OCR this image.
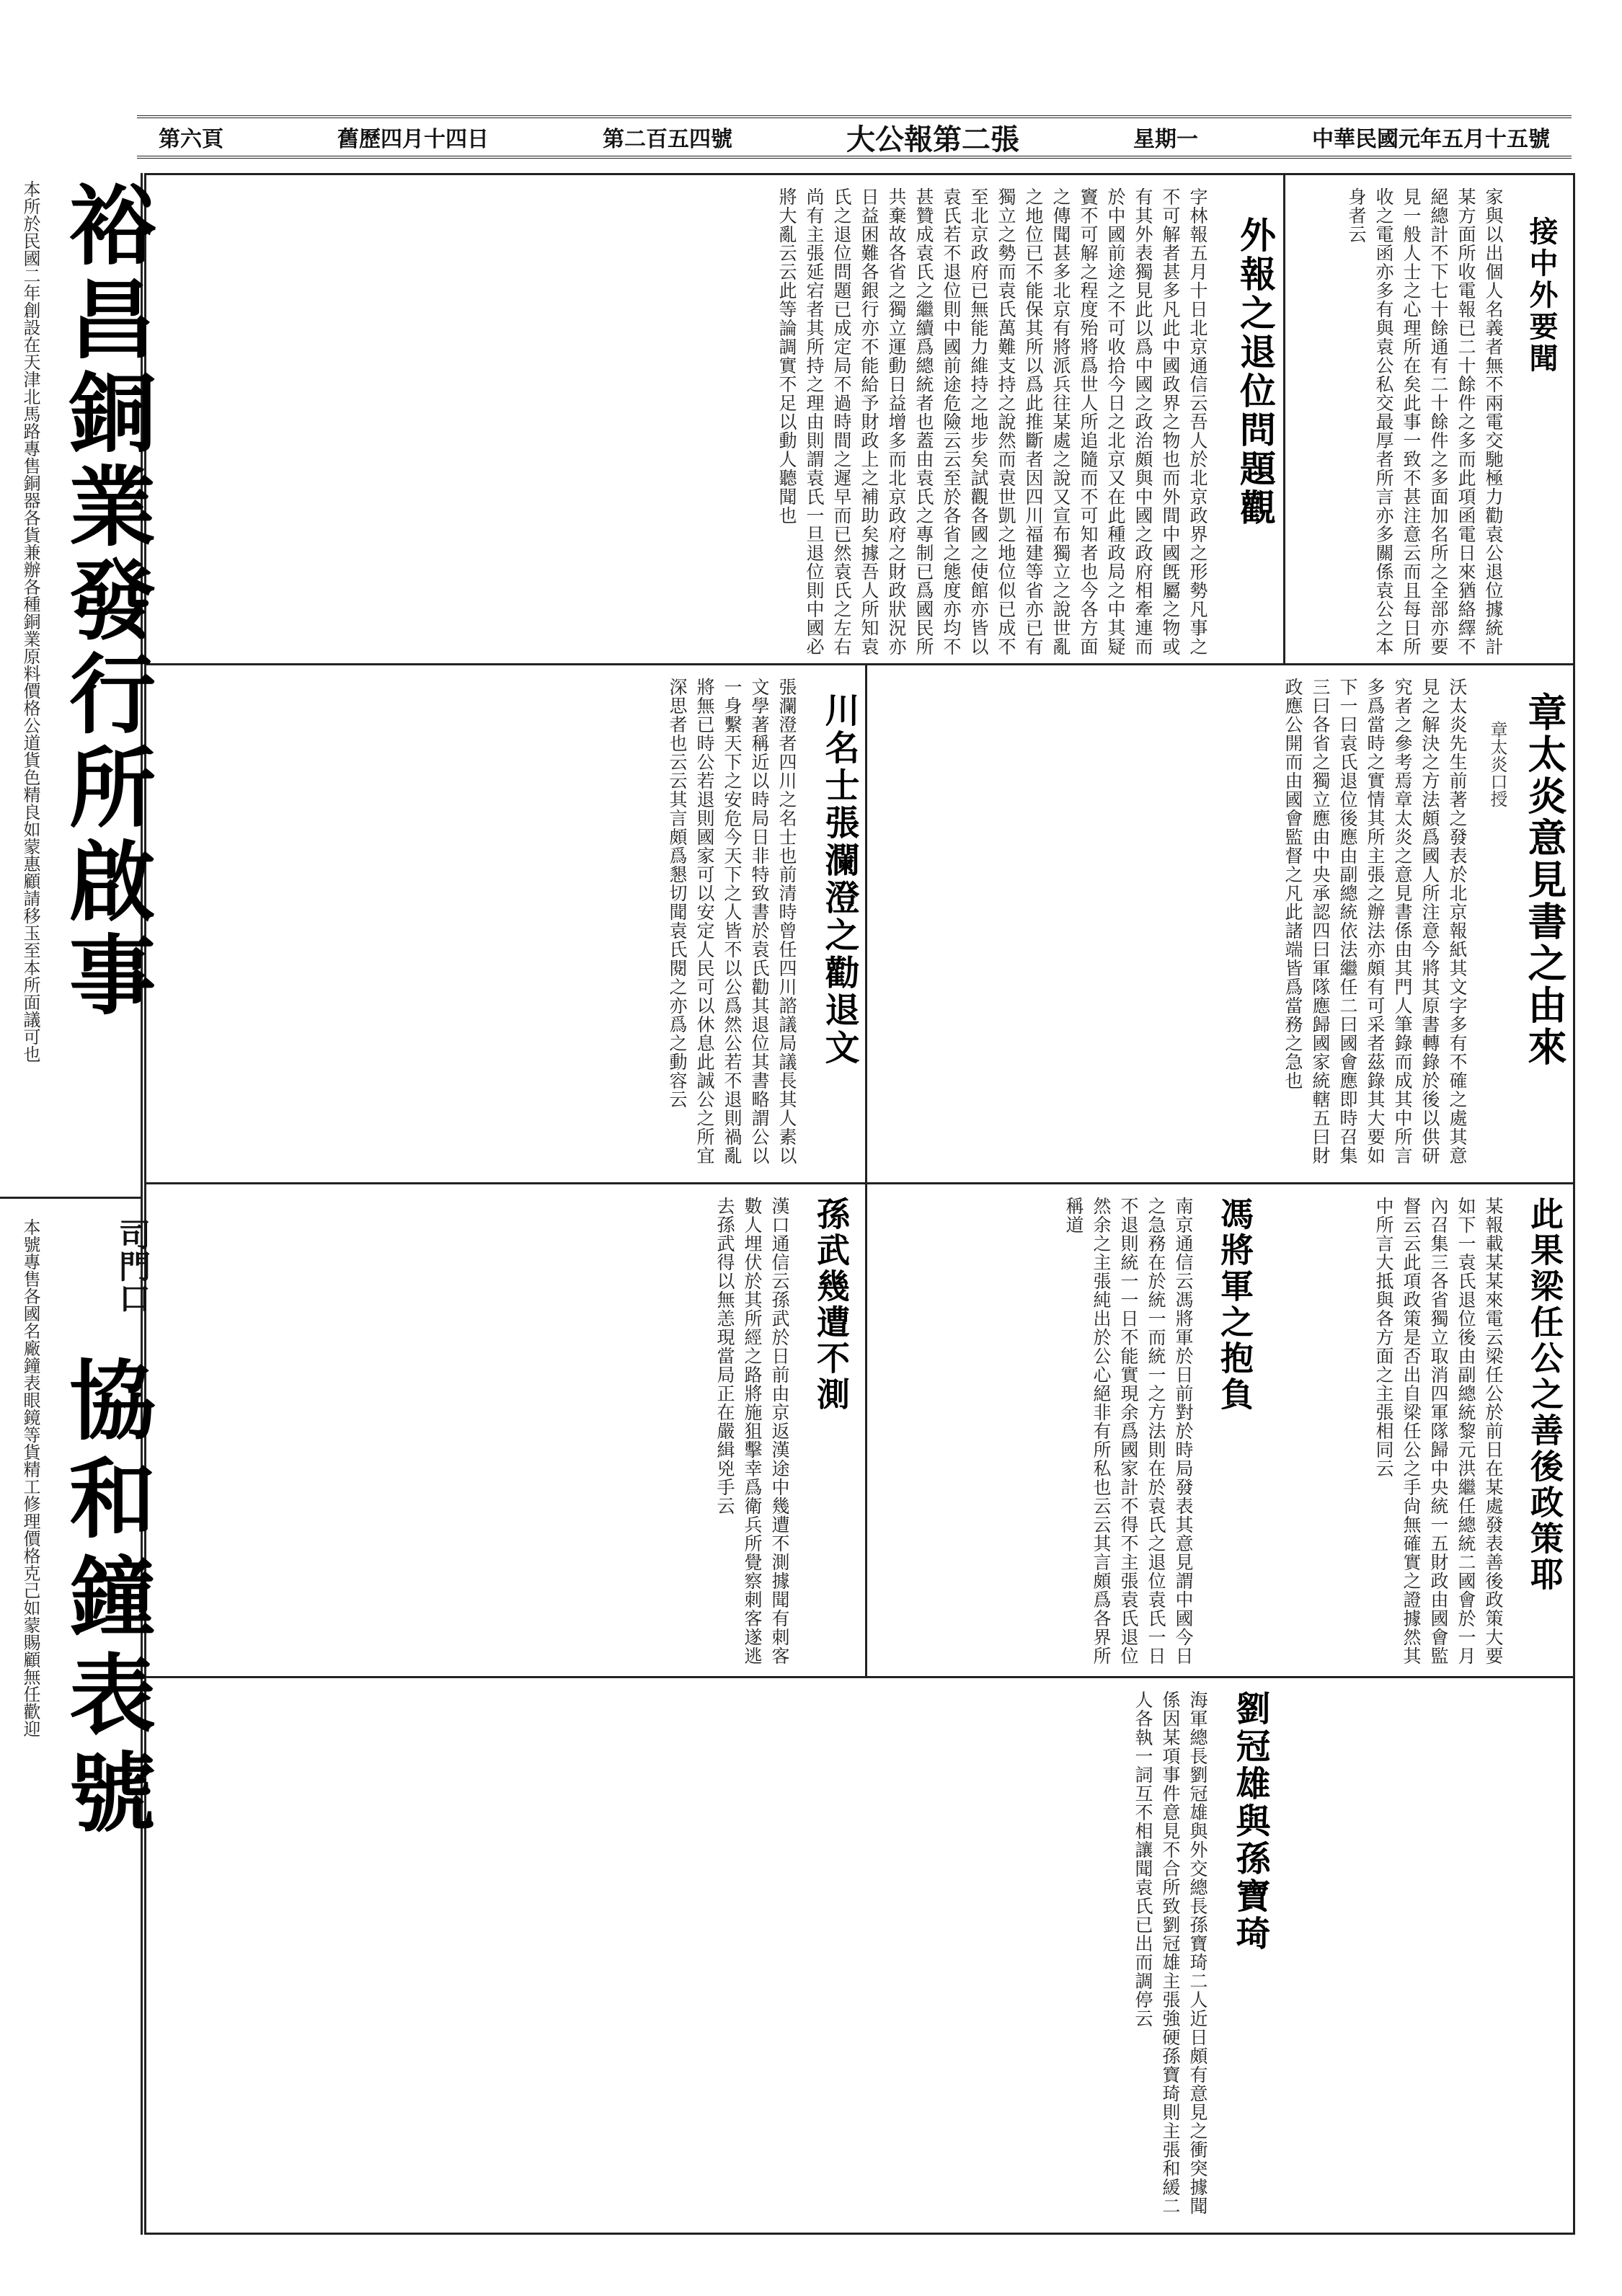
第六頁	舊歷四月十四日	第二百五四號	大公報第二張	星期一	中華民國元年五月十五號
接中外要聞
家與以出個人名義者無不兩電交馳極力勸袁公退位據統計某方面所收電報已二十餘件之多而此項函電日來猶絡繹不絕總計不下七十餘通有二十餘件之多面加名所之全部亦要見一般人士之心理所在矣此事一致不甚注意云而且每日所收之電函亦多有與袁公私交最厚者所言亦多關係袁公之本身者云
外報之退位問題觀
字林報五月十日北京通信云吾人於北京政界之形勢凡事之不可解者甚多凡此中國政界之物也而外間中國旣屬之物或有其外表獨見此以爲中國之政治頗與中國之政府相牽連而於中國前途之不可收拾今日之北京又在此種政局之中其疑竇不可解之程度殆將爲世人所追隨而不可知者也今各方面之傳聞甚多北京有將派兵往某處之說又宣布獨立之說世亂之地位已不能保其所以爲此推斷者因四川福建等省亦已有獨立之勢而袁氏萬難支持之說然而袁世凱之地位似已成不至北京政府已無能力維持之地步矣試觀各國之使館亦皆以袁氏若不退位則中國前途危險云云至於各省之態度亦均不甚贊成袁氏之繼續爲總統者也蓋由袁氏之專制已爲國民所共棄故各省之獨立運動日益增多而北京政府之財政狀況亦日益困難各銀行亦不能給予財政上之補助矣據吾人所知袁氏之退位問題已成定局不過時間之遲早而已然袁氏之左右尚有主張延宕者其所持之理由則謂袁氏一旦退位則中國必將大亂云云此等論調實不足以動人聽聞也
章太炎意見書之由來
章太炎口授
沃太炎先生前著之發表於北京報紙其文字多有不確之處其意見之解決之方法頗爲國人所注意今將其原書轉錄於後以供研究者之參考焉章太炎之意見書係由其門人筆錄而成其中所言多爲當時之實情其所主張之辦法亦頗有可采者茲錄其大要如下一曰袁氏退位後應由副總統依法繼任二曰國會應即時召集三曰各省之獨立應由中央承認四曰軍隊應歸國家統轄五曰財政應公開而由國會監督之凡此諸端皆爲當務之急也
川名士張瀾澄之勸退文
張瀾澄者四川之名士也前清時曾任四川諮議局議長其人素以文學著稱近以時局日非特致書於袁氏勸其退位其書略謂公以一身繫天下之安危今天下之人皆不以公爲然公若不退則禍亂將無已時公若退則國家可以安定人民可以休息此誠公之所宜深思者也云云其言頗爲懇切聞袁氏閱之亦爲之動容云
此果梁任公之善後政策耶
某報載某某來電云梁任公於前日在某處發表善後政策大要如下一袁氏退位後由副總統黎元洪繼任總統二國會於一月內召集三各省獨立取消四軍隊歸中央統一五財政由國會監督云云此項政策是否出自梁任公之手尙無確實之證據然其中所言大抵與各方面之主張相同云
馮將軍之抱負
南京通信云馮將軍於日前對於時局發表其意見謂中國今日之急務在於統一而統一之方法則在於袁氏之退位袁氏一日不退則統一一日不能實現余爲國家計不得不主張袁氏退位然余之主張純出於公心絕非有所私也云云其言頗爲各界所稱道
孫武幾遭不測
漢口通信云孫武於日前由京返漢途中幾遭不測據聞有刺客數人埋伏於其所經之路將施狙擊幸爲衛兵所覺察刺客遂逃去孫武得以無恙現當局正在嚴緝兇手云
劉冠雄與孫寶琦
海軍總長劉冠雄與外交總長孫寶琦二人近日頗有意見之衝突據聞係因某項事件意見不合所致劉冠雄主張強硬孫寶琦則主張和緩二人各執一詞互不相讓聞袁氏已出而調停云
裕昌銅業發行所啟事
本所於民國二年創設在天津北馬路專售銅器各貨兼辦各種銅業原料價格公道貨色精良如蒙惠顧請移玉至本所面議可也
司門口
協和鐘表號
本號專售各國名廠鐘表眼鏡等貨精工修理價格克己如蒙賜顧無任歡迎
